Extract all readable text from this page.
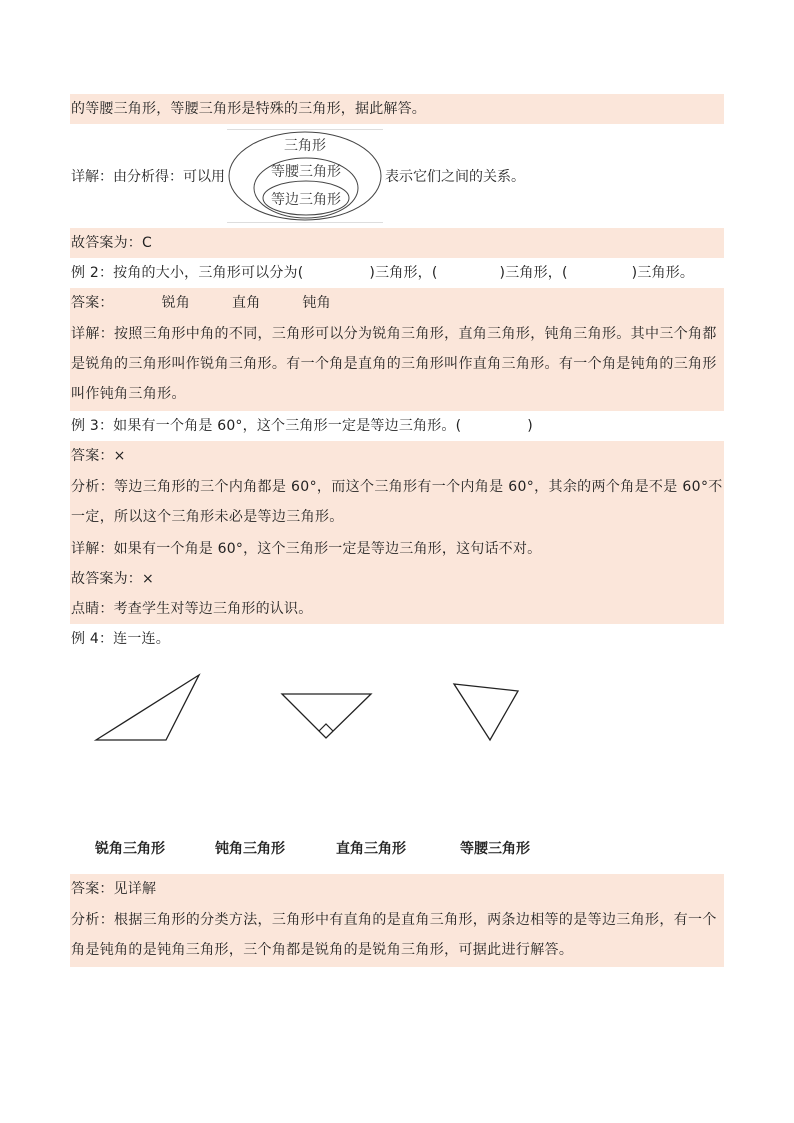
的等腰三角形，等腰三角形是特殊的三角形，据此解答。
详解：由分析得：可以用
三角形
等腰三角形
等边三角形
表示它们之间的关系。
故答案为：C
例 2：按角的大小，三角形可以分为(	)三角形，(	)三角形，(	)三角形。
答案：	锐角	直角	钝角
详解：按照三角形中角的不同，三角形可以分为锐角三角形，直角三角形，钝角三角形。其中三个角都是锐角的三角形叫作锐角三角形。有一个角是直角的三角形叫作直角三角形。有一个角是钝角的三角形叫作钝角三角形。
例 3：如果有一个角是 60°，这个三角形一定是等边三角形。(	)
答案：×
分析：等边三角形的三个内角都是 60°，而这个三角形有一个内角是 60°，其余的两个角是不是 60°不一定，所以这个三角形未必是等边三角形。
详解：如果有一个角是 60°，这个三角形一定是等边三角形，这句话不对。
故答案为：×
点睛：考查学生对等边三角形的认识。
例 4：连一连。
锐角三角形	钝角三角形	直角三角形	等腰三角形
答案：见详解
分析：根据三角形的分类方法，三角形中有直角的是直角三角形，两条边相等的是等边三角形，有一个角是钝角的是钝角三角形，三个角都是锐角的是锐角三角形，可据此进行解答。
